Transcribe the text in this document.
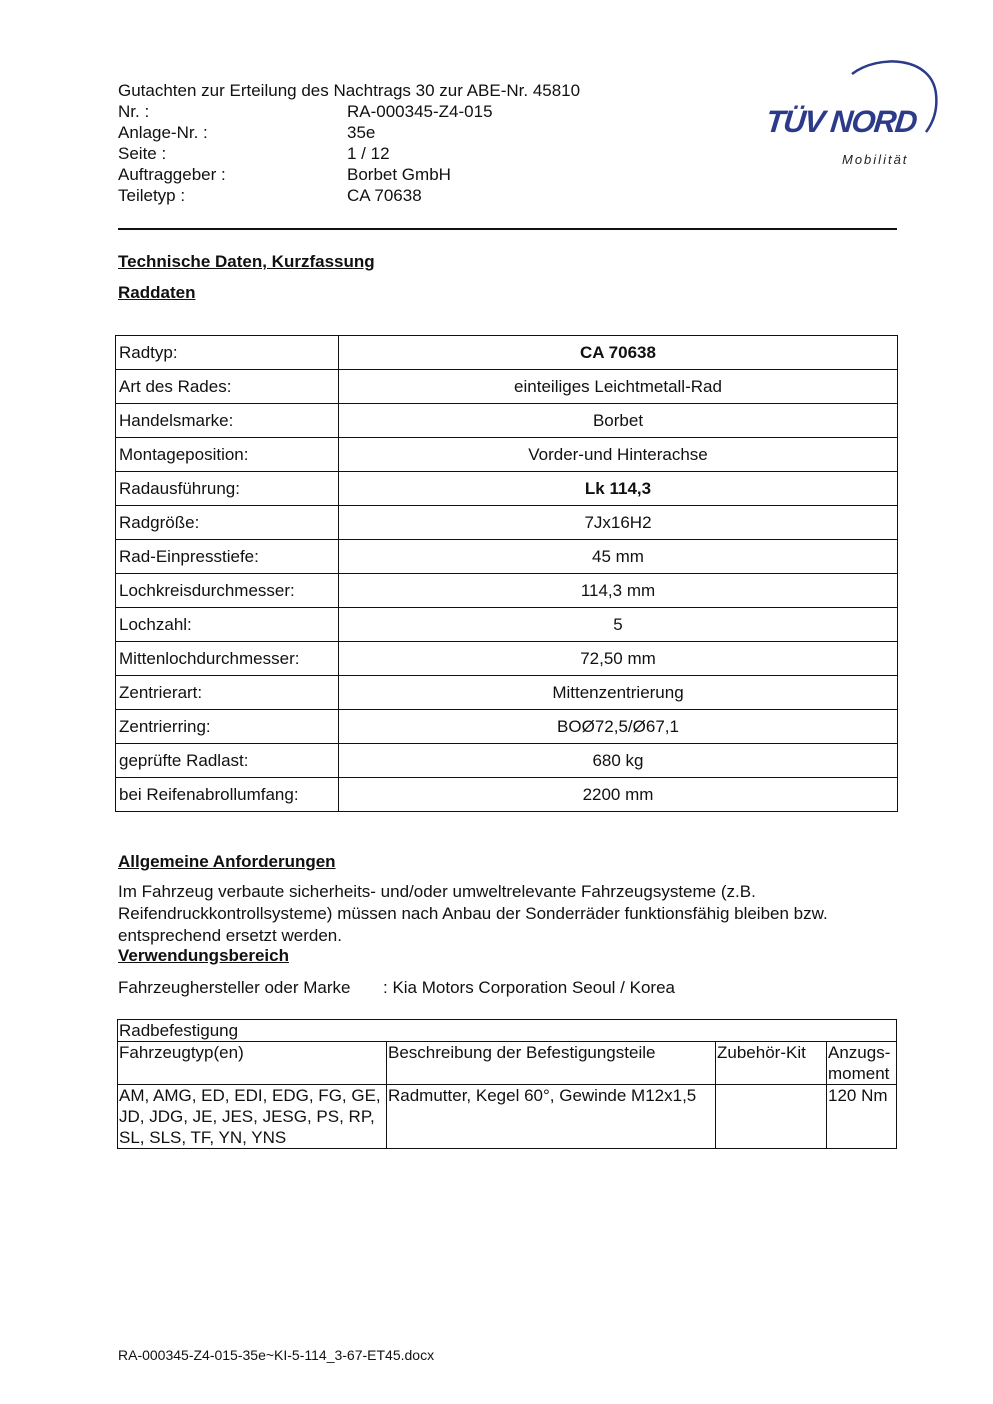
Gutachten zur Erteilung des Nachtrags 30 zur ABE-Nr. 45810
Nr. :	RA-000345-Z4-015
Anlage-Nr. :	35e
Seite :	1 / 12
Auftraggeber :	Borbet GmbH
Teiletyp :	CA 70638
TÜV NORD
Mobilität
Technische Daten, Kurzfassung
Raddaten
Radtyp:	CA 70638
Art des Rades:	einteiliges Leichtmetall-Rad
Handelsmarke:	Borbet
Montageposition:	Vorder-und Hinterachse
Radausführung:	Lk 114,3
Radgröße:	7Jx16H2
Rad-Einpresstiefe:	45 mm
Lochkreisdurchmesser:	114,3 mm
Lochzahl:	5
Mittenlochdurchmesser:	72,50 mm
Zentrierart:	Mittenzentrierung
Zentrierring:	BOØ72,5/Ø67,1
geprüfte Radlast:	680 kg
bei Reifenabrollumfang:	2200 mm
Allgemeine Anforderungen
Im Fahrzeug verbaute sicherheits- und/oder umweltrelevante Fahrzeugsysteme (z.B. Reifendruckkontrollsysteme) müssen nach Anbau der Sonderräder funktionsfähig bleiben bzw. entsprechend ersetzt werden.
Verwendungsbereich
Fahrzeughersteller oder Marke : Kia Motors Corporation Seoul / Korea
Radbefestigung			
Fahrzeugtyp(en)	Beschreibung der Befestigungsteile	Zubehör-Kit	Anzugs-moment
AM, AMG, ED, EDI, EDG, FG, GE, JD, JDG, JE, JES, JESG, PS, RP, SL, SLS, TF, YN, YNS	Radmutter, Kegel 60°, Gewinde M12x1,5		120 Nm
RA-000345-Z4-015-35e~KI-5-114_3-67-ET45.docx
